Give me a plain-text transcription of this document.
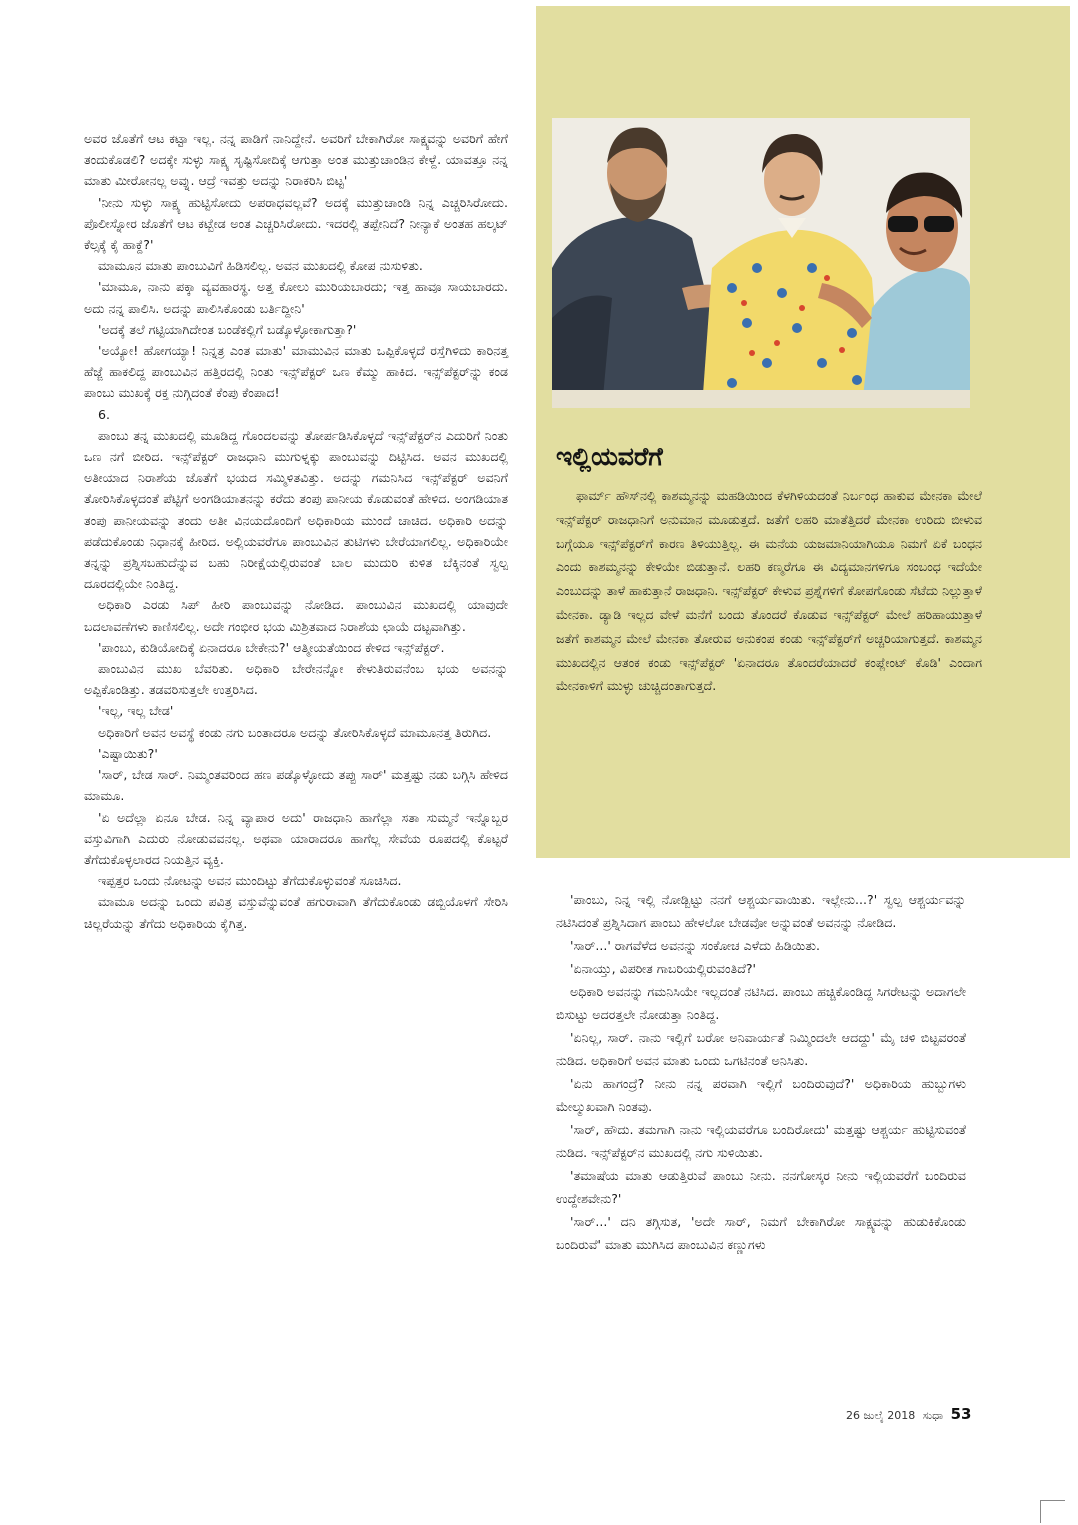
ಅವರ ಜೊತೆಗೆ ಆಟ ಕಟ್ಟಾ ಇಲ್ಲ. ನನ್ನ ಪಾಡಿಗೆ ನಾನಿದ್ದೇನೆ. ಅವರಿಗೆ ಬೇಕಾಗಿರೋ ಸಾಕ್ಷ್ಯವನ್ನು ಅವರಿಗೆ ಹೇಗೆ ತಂದುಕೊಡಲಿ? ಅದಕ್ಕೇ ಸುಳ್ಳು ಸಾಕ್ಷ್ಯ ಸೃಷ್ಟಿಸೋದಿಕ್ಕೆ ಆಗುತ್ತಾ ಅಂತ ಮುತ್ತುಚಾಂಡಿನ ಕೇಳ್ದೆ. ಯಾವತ್ತೂ ನನ್ನ ಮಾತು ಮೀರೋನಲ್ಲ ಅವ್ನು. ಆದ್ರೆ ಇವತ್ತು ಅದನ್ನು ನಿರಾಕರಿಸಿ ಬಿಟ್ಟ'

'ನೀನು ಸುಳ್ಳು ಸಾಕ್ಷ್ಯ ಹುಟ್ಟಿಸೋದು ಅಪರಾಧವಲ್ಲವೆ? ಅದಕ್ಕೆ ಮುತ್ತುಚಾಂಡಿ ನಿನ್ನ ಎಚ್ಚರಿಸಿರೋದು. ಪೊಲೀಸ್ನೋರ ಜೊತೆಗೆ ಆಟ ಕಟ್ಬೇಡ ಅಂತ ಎಚ್ಚರಿಸಿರೋದು. ಇದರಲ್ಲಿ ತಪ್ಪೇನಿದೆ? ನೀನ್ಯಾಕೆ ಅಂತಹ ಹಲ್ಕಟ್ ಕೆಲ್ಸಕ್ಕೆ ಕೈ ಹಾಕ್ದೆ?'

ಮಾಮೂನ ಮಾತು ಪಾಂಬುವಿಗೆ ಹಿಡಿಸಲಿಲ್ಲ. ಅವನ ಮುಖದಲ್ಲಿ ಕೋಪ ನುಸುಳಿತು.

'ಮಾಮೂ, ನಾನು ಪಕ್ಕಾ ವ್ಯವಹಾರಸ್ಥ. ಅತ್ತ ಕೋಲು ಮುರಿಯಬಾರದು; ಇತ್ತ ಹಾವೂ ಸಾಯಬಾರದು. ಅದು ನನ್ನ ಪಾಲಿಸಿ. ಅದನ್ನು ಪಾಲಿಸಿಕೊಂಡು ಬರ್ತಿದ್ದೀನಿ'

'ಅದಕ್ಕೆ ತಲೆ ಗಟ್ಟಿಯಾಗಿದೇಂತ ಬಂಡೆಕಲ್ಲಿಗೆ ಬಡ್ಕೊಳ್ಳೋಕಾಗುತ್ತಾ?'

'ಅಯ್ಯೋ! ಹೋಗಯ್ಯಾ! ನಿನ್ನತ್ರ ಎಂತ ಮಾತು' ಮಾಮುವಿನ ಮಾತು ಒಪ್ಪಿಕೊಳ್ಳದೆ ರಸ್ತೆಗಿಳಿದು ಕಾರಿನತ್ತ ಹೆಜ್ಜೆ ಹಾಕಲಿದ್ದ ಪಾಂಬುವಿನ ಹತ್ತಿರದಲ್ಲಿ ನಿಂತು ಇನ್ಸ್‌ಪೆಕ್ಟರ್ ಒಣ ಕೆಮ್ಮು ಹಾಕಿದ. ಇನ್ಸ್‌ಪೆಕ್ಟರ್‌ನ್ನು ಕಂಡ ಪಾಂಬು ಮುಖಕ್ಕೆ ರಕ್ತ ನುಗ್ಗಿದಂತೆ ಕೆಂಪು ಕೆಂಪಾದ!

6.

ಪಾಂಬು ತನ್ನ ಮುಖದಲ್ಲಿ ಮೂಡಿದ್ದ ಗೊಂದಲವನ್ನು ತೋರ್ಪಡಿಸಿಕೊಳ್ಳದೆ ಇನ್ಸ್‌ಪೆಕ್ಟರ್‌ನ ಎದುರಿಗೆ ನಿಂತು ಒಣ ನಗೆ ಬೀರಿದ. ಇನ್ಸ್‌ಪೆಕ್ಟರ್ ರಾಜಧಾನಿ ಮುಗುಳ್ನಕ್ಕು ಪಾಂಬುವನ್ನು ದಿಟ್ಟಿಸಿದ. ಅವನ ಮುಖದಲ್ಲಿ ಅತೀಯಾದ ನಿರಾಶೆಯ ಜೊತೆಗೆ ಭಯದ ಸಮ್ಮಿಳಿತವಿತ್ತು. ಅದನ್ನು ಗಮನಿಸಿದ ಇನ್ಸ್‌ಪೆಕ್ಟರ್ ಅವನಿಗೆ ತೋರಿಸಿಕೊಳ್ಳದಂತೆ ಪೆಟ್ಟಿಗೆ ಅಂಗಡಿಯಾತನನ್ನು ಕರೆದು ತಂಪು ಪಾನೀಯ ಕೊಡುವಂತೆ ಹೇಳಿದ. ಅಂಗಡಿಯಾತ ತಂಪು ಪಾನೀಯವನ್ನು ತಂದು ಅತೀ ವಿನಯದೊಂದಿಗೆ ಅಧಿಕಾರಿಯ ಮುಂದೆ ಚಾಚಿದ. ಅಧಿಕಾರಿ ಅದನ್ನು ಪಡೆದುಕೊಂಡು ನಿಧಾನಕ್ಕೆ ಹೀರಿದ. ಅಲ್ಲಿಯವರೆಗೂ ಪಾಂಬುವಿನ ತುಟಿಗಳು ಬೇರೆಯಾಗಲಿಲ್ಲ. ಅಧಿಕಾರಿಯೇ ತನ್ನನ್ನು ಪ್ರಶ್ನಿಸಬಹುದೆನ್ನುವ ಬಹು ನಿರೀಕ್ಷೆಯಲ್ಲಿರುವಂತೆ ಬಾಲ ಮುದುರಿ ಕುಳಿತ ಬೆಕ್ಕಿನಂತೆ ಸ್ವಲ್ಪ ದೂರದಲ್ಲಿಯೇ ನಿಂತಿದ್ದ.

ಅಧಿಕಾರಿ ಎರಡು ಸಿಪ್ ಹೀರಿ ಪಾಂಬುವನ್ನು ನೋಡಿದ. ಪಾಂಬುವಿನ ಮುಖದಲ್ಲಿ ಯಾವುದೇ ಬದಲಾವಣೆಗಳು ಕಾಣಿಸಲಿಲ್ಲ. ಅದೇ ಗಂಭೀರ ಭಯ ಮಿಶ್ರಿತವಾದ ನಿರಾಶೆಯ ಛಾಯೆ ದಟ್ಟವಾಗಿತ್ತು.

'ಪಾಂಬು, ಕುಡಿಯೋದಿಕ್ಕೆ ಏನಾದರೂ ಬೇಕೇನು?' ಆತ್ಮೀಯತೆಯಿಂದ ಕೇಳಿದ ಇನ್ಸ್‌ಪೆಕ್ಟರ್.

ಪಾಂಬುವಿನ ಮುಖ ಬೆವರಿತು. ಅಧಿಕಾರಿ ಬೇರೇನನ್ನೋ ಕೇಳುತಿರುವನೆಂಬ ಭಯ ಅವನನ್ನು ಅಪ್ಪಿಕೊಂಡಿತ್ತು. ತಡವರಿಸುತ್ತಲೇ ಉತ್ತರಿಸಿದ.

'ಇಲ್ಲ, ಇಲ್ಲ ಬೇಡ'

ಅಧಿಕಾರಿಗೆ ಅವನ ಅವಸ್ಥೆ ಕಂಡು ನಗು ಬಂತಾದರೂ ಅದನ್ನು ತೋರಿಸಿಕೊಳ್ಳದೆ ಮಾಮೂನತ್ತ ತಿರುಗಿದ.

'ಎಷ್ಟಾಯಿತು?'

'ಸಾರ್, ಬೇಡ ಸಾರ್. ನಿಮ್ಮಂತವರಿಂದ ಹಣ ಪಡ್ಕೊಳ್ಳೋದು ತಪ್ಪು ಸಾರ್' ಮತ್ತಷ್ಟು ನಡು ಬಗ್ಗಿಸಿ ಹೇಳಿದ ಮಾಮೂ.

'ಏ ಅದೆಲ್ಲಾ ಏನೂ ಬೇಡ. ನಿನ್ನ ವ್ಯಾಪಾರ ಅದು' ರಾಜಧಾನಿ ಹಾಗೆಲ್ಲಾ ಸತಾ ಸುಮ್ಮನೆ ಇನ್ನೊಬ್ಬರ ವಸ್ತುವಿಗಾಗಿ ಎದುರು ನೋಡುವವನಲ್ಲ. ಅಥವಾ ಯಾರಾದರೂ ಹಾಗೆಲ್ಲ ಸೇವೆಯ ರೂಪದಲ್ಲಿ ಕೊಟ್ಟರೆ ತೆಗೆದುಕೊಳ್ಳಲಾರದ ನಿಯತ್ತಿನ ವ್ಯಕ್ತಿ.

ಇಪ್ಪತ್ತರ ಒಂದು ನೋಟನ್ನು ಅವನ ಮುಂದಿಟ್ಟು ತೆಗೆದುಕೊಳ್ಳುವಂತೆ ಸೂಚಿಸಿದ.

ಮಾಮೂ ಅದನ್ನು ಒಂದು ಪವಿತ್ರ ವಸ್ತುವೆನ್ನುವಂತೆ ಹಗುರಾವಾಗಿ ತೆಗೆದುಕೊಂಡು ಡಬ್ಬಿಯೊಳಗೆ ಸೇರಿಸಿ ಚಿಲ್ಲರೆಯನ್ನು ತೆಗೆದು ಅಧಿಕಾರಿಯ ಕೈಗಿತ್ತ.

ಇಲ್ಲಿಯವರೆಗೆ

ಫಾರ್ಮ್ ಹೌಸ್‌ನಲ್ಲಿ ಕಾಶಮ್ಮನನ್ನು ಮಹಡಿಯಿಂದ ಕೆಳಗಿಳಿಯದಂತೆ ನಿರ್ಬಂಧ ಹಾಕುವ ಮೇನಕಾ ಮೇಲೆ ಇನ್ಸ್‌ಪೆಕ್ಟರ್ ರಾಜಧಾನಿಗೆ ಅನುಮಾನ ಮೂಡುತ್ತದೆ. ಜತೆಗೆ ಲಹರಿ ಮಾತೆತ್ತಿದರೆ ಮೇನಕಾ ಉರಿದು ಬೀಳುವ ಬಗ್ಗೆಯೂ ಇನ್ಸ್‌ಪೆಕ್ಟರ್‌ಗೆ ಕಾರಣ ತಿಳಿಯುತ್ತಿಲ್ಲ. ಈ ಮನೆಯ ಯಜಮಾನಿಯಾಗಿಯೂ ನಿಮಗೆ ಏಕೆ ಬಂಧನ ಎಂದು ಕಾಶಮ್ಮನನ್ನು ಕೇಳಿಯೇ ಬಿಡುತ್ತಾನೆ. ಲಹರಿ ಕಣ್ಮರೆಗೂ ಈ ವಿದ್ಯಮಾನಗಳಿಗೂ ಸಂಬಂಧ ಇದೆಯೇ ಎಂಬುದನ್ನು ತಾಳೆ ಹಾಕುತ್ತಾನೆ ರಾಜಧಾನಿ. ಇನ್ಸ್‌ಪೆಕ್ಟರ್ ಕೇಳುವ ಪ್ರಶ್ನೆಗಳಿಗೆ ಕೋಪಗೊಂಡು ಸೆಟೆದು ನಿಲ್ಲುತ್ತಾಳೆ ಮೇನಕಾ. ಡ್ಯಾಡಿ ಇಲ್ಲದ ವೇಳೆ ಮನೆಗೆ ಬಂದು ತೊಂದರೆ ಕೊಡುವ ಇನ್ಸ್‌ಪೆಕ್ಟರ್ ಮೇಲೆ ಹರಿಹಾಯುತ್ತಾಳೆ ಜತೆಗೆ ಕಾಶಮ್ಮನ ಮೇಲೆ ಮೇನಕಾ ತೋರುವ ಅನುಕಂಪ ಕಂಡು ಇನ್ಸ್‌ಪೆಕ್ಟರ್‌ಗೆ ಅಚ್ಚರಿಯಾಗುತ್ತದೆ. ಕಾಶಮ್ಮನ ಮುಖದಲ್ಲಿನ ಆತಂಕ ಕಂಡು ಇನ್ಸ್‌ಪೆಕ್ಟರ್ 'ಏನಾದರೂ ತೊಂದರೆಯಾದರೆ ಕಂಪ್ಲೇಂಟ್ ಕೊಡಿ' ಎಂದಾಗ ಮೇನಕಾಳಿಗೆ ಮುಳ್ಳು ಚುಚ್ಚಿದಂತಾಗುತ್ತದೆ.

'ಪಾಂಬು, ನಿನ್ನ ಇಲ್ಲಿ ನೋಡ್ಬಿಟ್ಟು ನನಗೆ ಆಶ್ಚರ್ಯವಾಯಿತು. ಇಲ್ಲೇನು...?' ಸ್ವಲ್ಪ ಆಶ್ಚರ್ಯವನ್ನು ನಟಿಸಿದಂತೆ ಪ್ರಶ್ನಿಸಿದಾಗ ಪಾಂಬು ಹೇಳಲೋ ಬೇಡವೋ ಅನ್ನುವಂತೆ ಅವನನ್ನು ನೋಡಿದ.

'ಸಾರ್...' ರಾಗವೆಳೆದ ಅವನನ್ನು ಸಂಕೋಚ ಎಳೆದು ಹಿಡಿಯಿತು.

'ಏನಾಯ್ತು, ವಿಪರೀತ ಗಾಬರಿಯಲ್ಲಿರುವಂತಿದೆ?'

ಅಧಿಕಾರಿ ಅವನನ್ನು ಗಮನಿಸಿಯೇ ಇಲ್ಲದಂತೆ ನಟಿಸಿದ. ಪಾಂಬು ಹಚ್ಚಿಕೊಂಡಿದ್ದ ಸಿಗರೇಟನ್ನು ಅದಾಗಲೇ ಬಿಸುಟ್ಟು ಅದರತ್ತಲೇ ನೋಡುತ್ತಾ ನಿಂತಿದ್ದ.

'ಏನಿಲ್ಲ, ಸಾರ್. ನಾನು ಇಲ್ಲಿಗೆ ಬರೋ ಅನಿವಾರ್ಯತೆ ನಿಮ್ಮಿಂದಲೇ ಆದದ್ದು' ಮೈ ಚಳಿ ಬಿಟ್ಟವರಂತೆ ನುಡಿದ. ಅಧಿಕಾರಿಗೆ ಅವನ ಮಾತು ಒಂದು ಒಗಟಿನಂತೆ ಅನಿಸಿತು.

'ಏನು ಹಾಗಂದ್ರೆ? ನೀನು ನನ್ನ ಪರವಾಗಿ ಇಲ್ಲಿಗೆ ಬಂದಿರುವುದೆ?' ಅಧಿಕಾರಿಯ ಹುಬ್ಬುಗಳು ಮೇಲ್ಮುಖವಾಗಿ ನಿಂತವು.

'ಸಾರ್, ಹೌದು. ತಮಗಾಗಿ ನಾನು ಇಲ್ಲಿಯವರೆಗೂ ಬಂದಿರೋದು' ಮತ್ತಷ್ಟು ಆಶ್ಚರ್ಯ ಹುಟ್ಟಿಸುವಂತೆ ನುಡಿದ. ಇನ್ಸ್‌ಪೆಕ್ಟರ್‌ನ ಮುಖದಲ್ಲಿ ನಗು ಸುಳಿಯಿತು.

'ತಮಾಷೆಯ ಮಾತು ಆಡುತ್ತಿರುವೆ ಪಾಂಬು ನೀನು. ನನಗೋಸ್ಕರ ನೀನು ಇಲ್ಲಿಯವರೆಗೆ ಬಂದಿರುವ ಉದ್ದೇಶವೇನು?'

'ಸಾರ್...' ದನಿ ತಗ್ಗಿಸುತ, 'ಅದೇ ಸಾರ್, ನಿಮಗೆ ಬೇಕಾಗಿರೋ ಸಾಕ್ಷ್ಯವನ್ನು ಹುಡುಕಿಕೊಂಡು ಬಂದಿರುವೆ' ಮಾತು ಮುಗಿಸಿದ ಪಾಂಬುವಿನ ಕಣ್ಣುಗಳು

26 ಜುಲೈ 2018 ಸುಧಾ 53
